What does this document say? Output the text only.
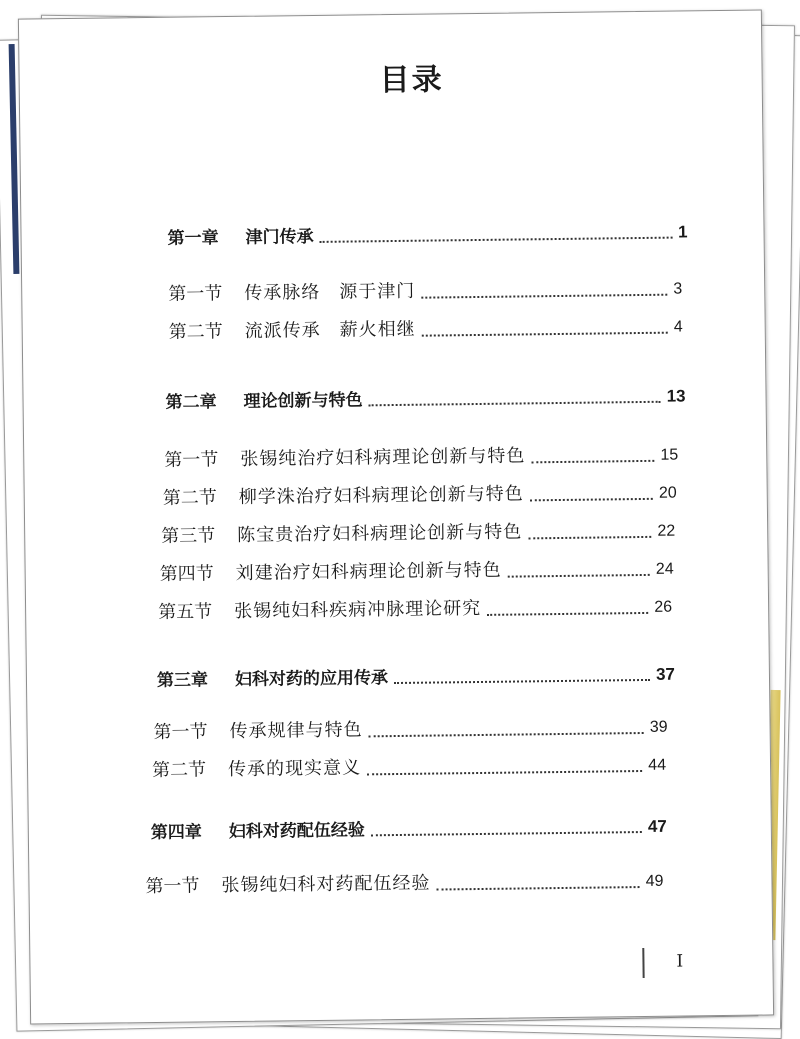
目录
第一章	津门传承	1
第一节	传承脉络　源于津门	3
第二节	流派传承　薪火相继	4
第二章	理论创新与特色	13
第一节	张锡纯治疗妇科病理论创新与特色	15
第二节	柳学洙治疗妇科病理论创新与特色	20
第三节	陈宝贵治疗妇科病理论创新与特色	22
第四节	刘建治疗妇科病理论创新与特色	24
第五节	张锡纯妇科疾病冲脉理论研究	26
第三章	妇科对药的应用传承	37
第一节	传承规律与特色	39
第二节	传承的现实意义	44
第四章	妇科对药配伍经验	47
第一节	张锡纯妇科对药配伍经验	49
I
